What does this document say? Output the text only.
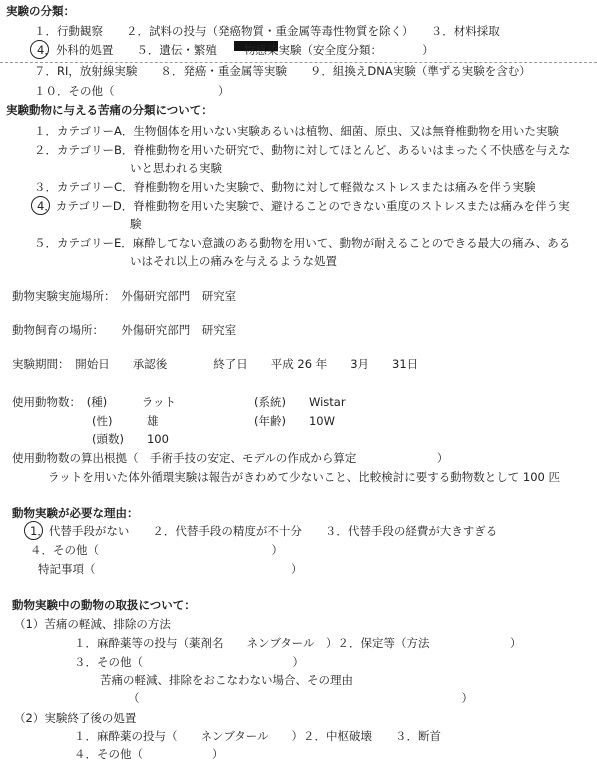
実験の分類：
１．行動観察　　２．試料の投与（発癌物質・重金属等毒性物質を除く）　　３．材料採取
4．外科的処置　　５．遺伝・繁殖 物感染実験（安全度分類：　　　　）
７．RI，放射線実験　　８．発癌・重金属等実験　　９．組換えDNA実験（準ずる実験を含む）
１０．その他（　　　　　　　　　）
実験動物に与える苦痛の分類について：
１．カテゴリーA．生物個体を用いない実験あるいは植物、細菌、原虫、又は無脊椎動物を用いた実験
２．カテゴリーB．脊椎動物を用いた研究で、動物に対してほとんど、あるいはまったく不快感を与えな
いと思われる実験
３．カテゴリーC．脊椎動物を用いた実験で、動物に対して軽微なストレスまたは痛みを伴う実験
4．カテゴリーD．脊椎動物を用いた実験で、避けることのできない重度のストレスまたは痛みを伴う実
験
５．カテゴリーE．麻酔してない意識のある動物を用いて、動物が耐えることのできる最大の痛み、ある
いはそれ以上の痛みを与えるような処置
動物実験実施場所：　外傷研究部門　研究室
動物飼育の場所：　　外傷研究部門　研究室
実験期間：　開始日　　承認後　　　　終了日　　平成 26 年　　3月　　31日
使用動物数：　(種)　　　ラット	(系統)　　Wistar
(性)　　　雄	(年齢)　　10W
(頭数)　　100
使用動物数の算出根拠（　手術手技の安定、モデルの作成から算定　　　　　　　）
ラットを用いた体外循環実験は報告がきわめて少ないこと、比較検討に要する動物数として 100 匹
動物実験が必要な理由：
1．代替手段がない　　２．代替手段の精度が不十分　　３．代替手段の経費が大きすぎる
４．その他（　　　　　　　　　　　　　　　）
特記事項（　　　　　　　　　　　　　　　　　）
動物実験中の動物の取扱について：
（1）苦痛の軽減、排除の方法
１．麻酔薬等の投与（薬剤名　　ネンブタール　）２．保定等（方法　　　　　　　）
３．その他（　　　　　　　　　　　　　）
苦痛の軽減、排除をおこなわない場合、その理由
（　　　　　　　　　　　　　　　　　　　　　　　　　　　　）
（2）実験終了後の処置
１．麻酔薬の投与（　　ネンブタール　　）２．中枢破壊　　３．断首
４．その他（　　　　　　）
